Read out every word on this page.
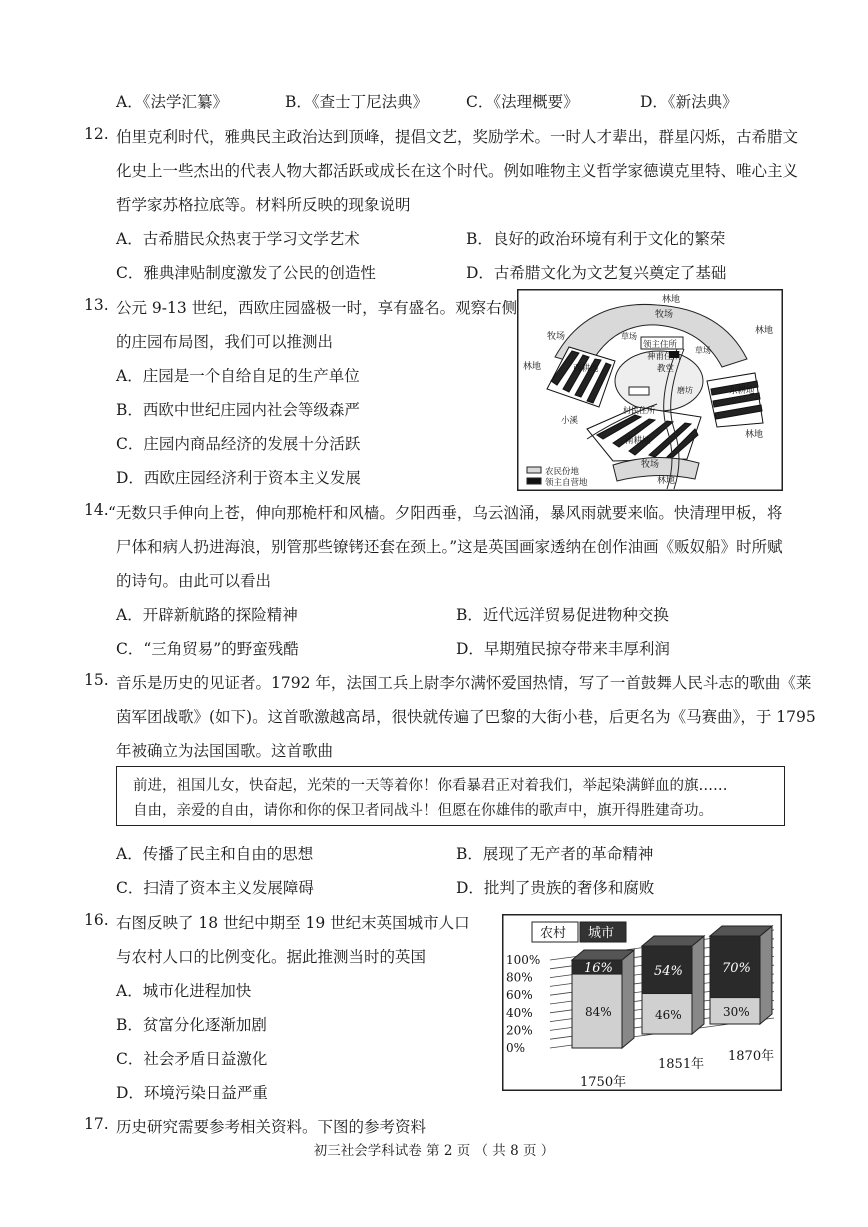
A．《法学汇纂》	B．《查士丁尼法典》 C．《法理概要》	D．《新法典》
12. 伯里克利时代，雅典民主政治达到顶峰，提倡文艺，奖励学术。一时人才辈出，群星闪烁，古希腊文
化史上一些杰出的代表人物大都活跃或成长在这个时代。例如唯物主义哲学家德谟克里特、唯心主义
哲学家苏格拉底等。材料所反映的现象说明
A．古希腊民众热衷于学习文学艺术	B．良好的政治环境有利于文化的繁荣
C．雅典津贴制度激发了公民的创造性	D．古希腊文化为文艺复兴奠定了基础
13. 公元 9-13 世纪，西欧庄园盛极一时，享有盛名。观察右侧
的庄园布局图，我们可以推测出
A．庄园是一个自给自足的生产单位
B．西欧中世纪庄园内社会等级森严
C．庄园内商品经济的发展十分活跃
D．西欧庄园经济利于资本主义发展
林地
牧场
领主住所
神甫住所
教堂
牧场	草场
草场
林地
林地	西耕地
东耕地
南耕地
小溪
磨坊
村民住所
林地
牧场
林地
农民份地
领主自营地
14. “无数只手伸向上苍，伸向那桅杆和风樯。夕阳西垂，乌云汹涌，暴风雨就要来临。快清理甲板，将
尸体和病人扔进海浪，别管那些镣铐还套在颈上。”这是英国画家透纳在创作油画《贩奴船》时所赋
的诗句。由此可以看出
A．开辟新航路的探险精神	B．近代远洋贸易促进物种交换
C．“三角贸易”的野蛮残酷	D．早期殖民掠夺带来丰厚利润
15. 音乐是历史的见证者。1792 年，法国工兵上尉李尔满怀爱国热情，写了一首鼓舞人民斗志的歌曲《莱
茵军团战歌》(如下)。这首歌激越高昂，很快就传遍了巴黎的大街小巷，后更名为《马赛曲》，于 1795
年被确立为法国国歌。这首歌曲
前进，祖国儿女，快奋起，光荣的一天等着你！你看暴君正对着我们，举起染满鲜血的旗……
自由，亲爱的自由，请你和你的保卫者同战斗！但愿在你雄伟的歌声中，旗开得胜建奇功。
A．传播了民主和自由的思想	B．展现了无产者的革命精神
C．扫清了资本主义发展障碍	D．批判了贵族的奢侈和腐败
16. 右图反映了 18 世纪中期至 19 世纪末英国城市人口
与农村人口的比例变化。据此推测当时的英国
A．城市化进程加快
B．贫富分化逐渐加剧
C．社会矛盾日益激化
D．环境污染日益严重
100%
80%
60%
40%
20%
0%
农村 城市
16%
84%
54%
46%
70%
30%
1750年
1851年
1870年
17. 历史研究需要参考相关资料。下图的参考资料
初三社会学科试卷 第 2 页 （ 共 8 页 ）
